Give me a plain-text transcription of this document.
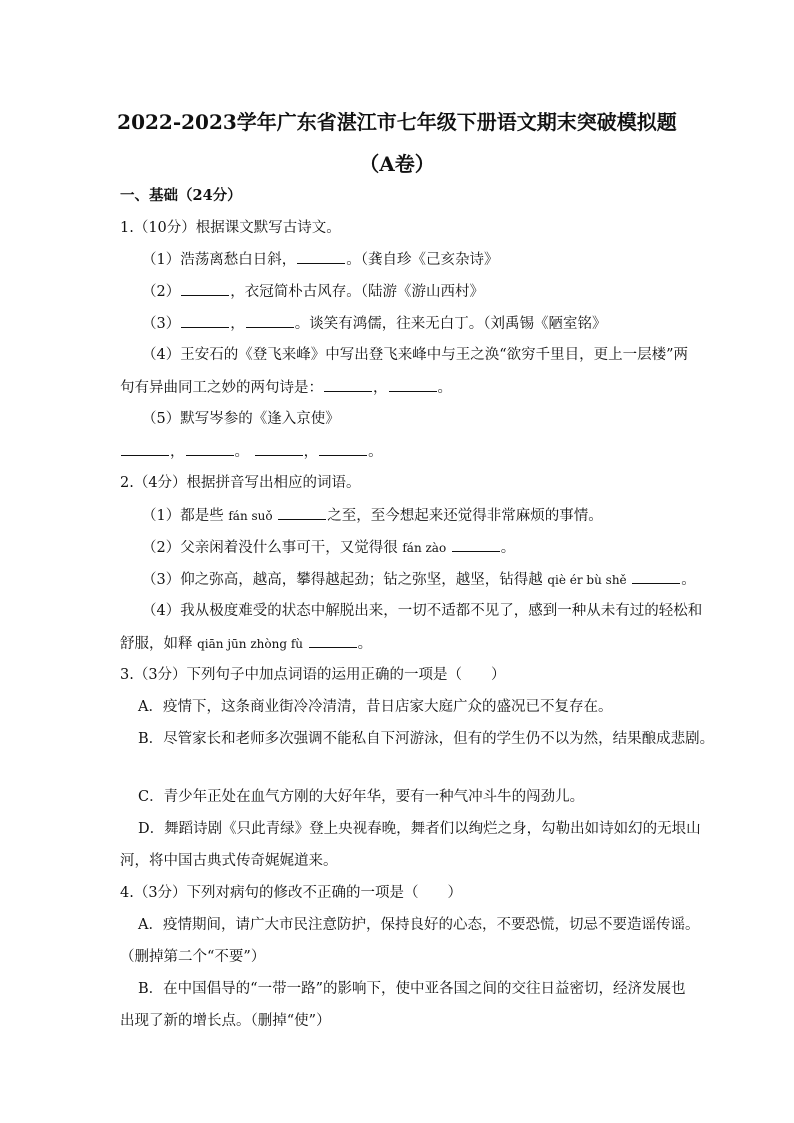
2022-2023学年广东省湛江市七年级下册语文期末突破模拟题
（A卷）
一、基础（24分）
1.（10分）根据课文默写古诗文。
（1）浩荡离愁白日斜，	。（龚自珍《己亥杂诗》
（2）	，衣冠简朴古风存。（陆游《游山西村》
（3）	，	。谈笑有鸿儒，往来无白丁。（刘禹锡《陋室铭》
（4）王安石的《登飞来峰》中写出登飞来峰中与王之涣“欲穷千里目，更上一层楼”两
句有异曲同工之妙的两句诗是：	，	。
（5）默写岑参的《逢入京使》
，	。	，	。
2.（4分）根据拼音写出相应的词语。
（1）都是些 fán suǒ	之至，至今想起来还觉得非常麻烦的事情。
（2）父亲闲着没什么事可干，又觉得很 fán zào	。
（3）仰之弥高，越高，攀得越起劲；钻之弥坚，越坚，钻得越 qiè ér bù shě	。
（4）我从极度难受的状态中解脱出来，一切不适都不见了，感到一种从未有过的轻松和
舒服，如释 qiān jūn zhòng fù	。
3.（3分）下列句子中加点词语的运用正确的一项是（　　）
A．疫情下，这条商业街冷冷清清，昔日店家大庭广众的盛况已不复存在。
B．尽管家长和老师多次强调不能私自下河游泳，但有的学生仍不以为然，结果酿成悲剧。
C．青少年正处在血气方刚的大好年华，要有一种气冲斗牛的闯劲儿。
D．舞蹈诗剧《只此青绿》登上央视春晚，舞者们以绚烂之身，勾勒出如诗如幻的无垠山
河，将中国古典式传奇娓娓道来。
4.（3分）下列对病句的修改不正确的一项是（　　）
A．疫情期间，请广大市民注意防护，保持良好的心态，不要恐慌，切忌不要造谣传谣。
（删掉第二个“不要”）
B．在中国倡导的“一带一路”的影响下，使中亚各国之间的交往日益密切，经济发展也
出现了新的增长点。（删掉“使”）
